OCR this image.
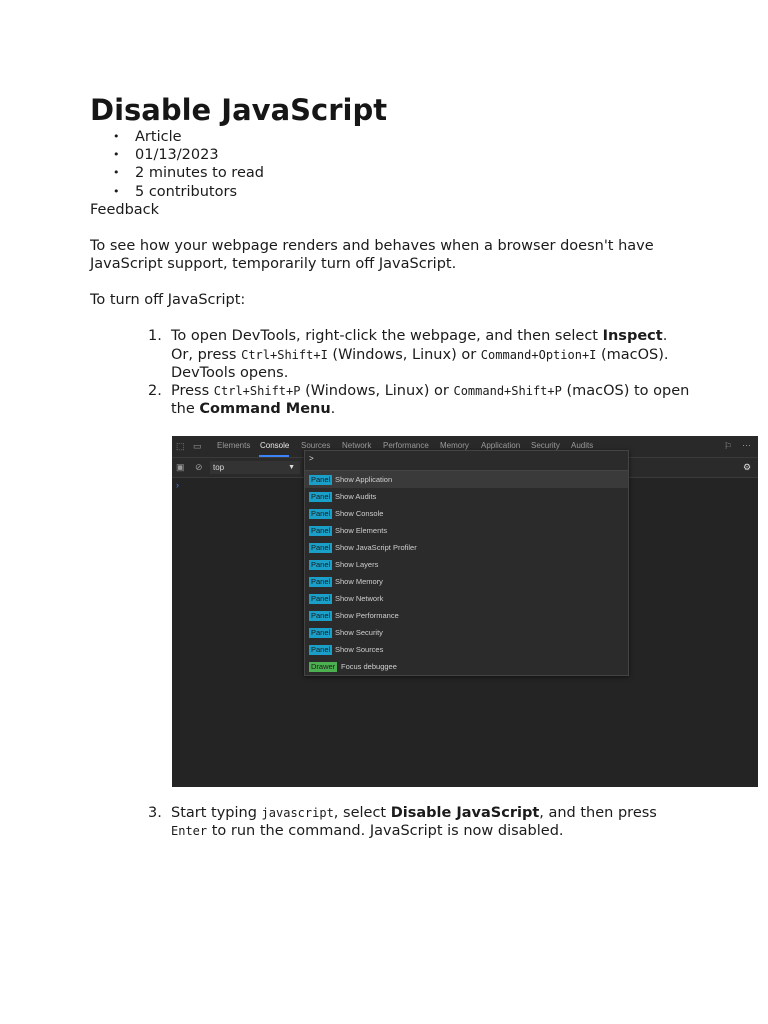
Disable JavaScript
• Article
• 01/13/2023
• 2 minutes to read
• 5 contributors

Feedback

To see how your webpage renders and behaves when a browser doesn't have JavaScript support, temporarily turn off JavaScript.

To turn off JavaScript:

1. To open DevTools, right-click the webpage, and then select Inspect. Or, press Ctrl+Shift+I (Windows, Linux) or Command+Option+I (macOS). DevTools opens.
2. Press Ctrl+Shift+P (Windows, Linux) or Command+Shift+P (macOS) to open the Command Menu.
⬚ ▭ Elements Console Sources Network Performance Memory Application Security Audits	⚐ ⋯
▣ ⊘	top	▼	⚙
›
>
Panel Show Application
Panel Show Audits
Panel Show Console
Panel Show Elements
Panel Show JavaScript Profiler
Panel Show Layers
Panel Show Memory
Panel Show Network
Panel Show Performance
Panel Show Security
Panel Show Sources
Drawer Focus debuggee
3. Start typing javascript, select Disable JavaScript, and then press Enter to run the command. JavaScript is now disabled.
